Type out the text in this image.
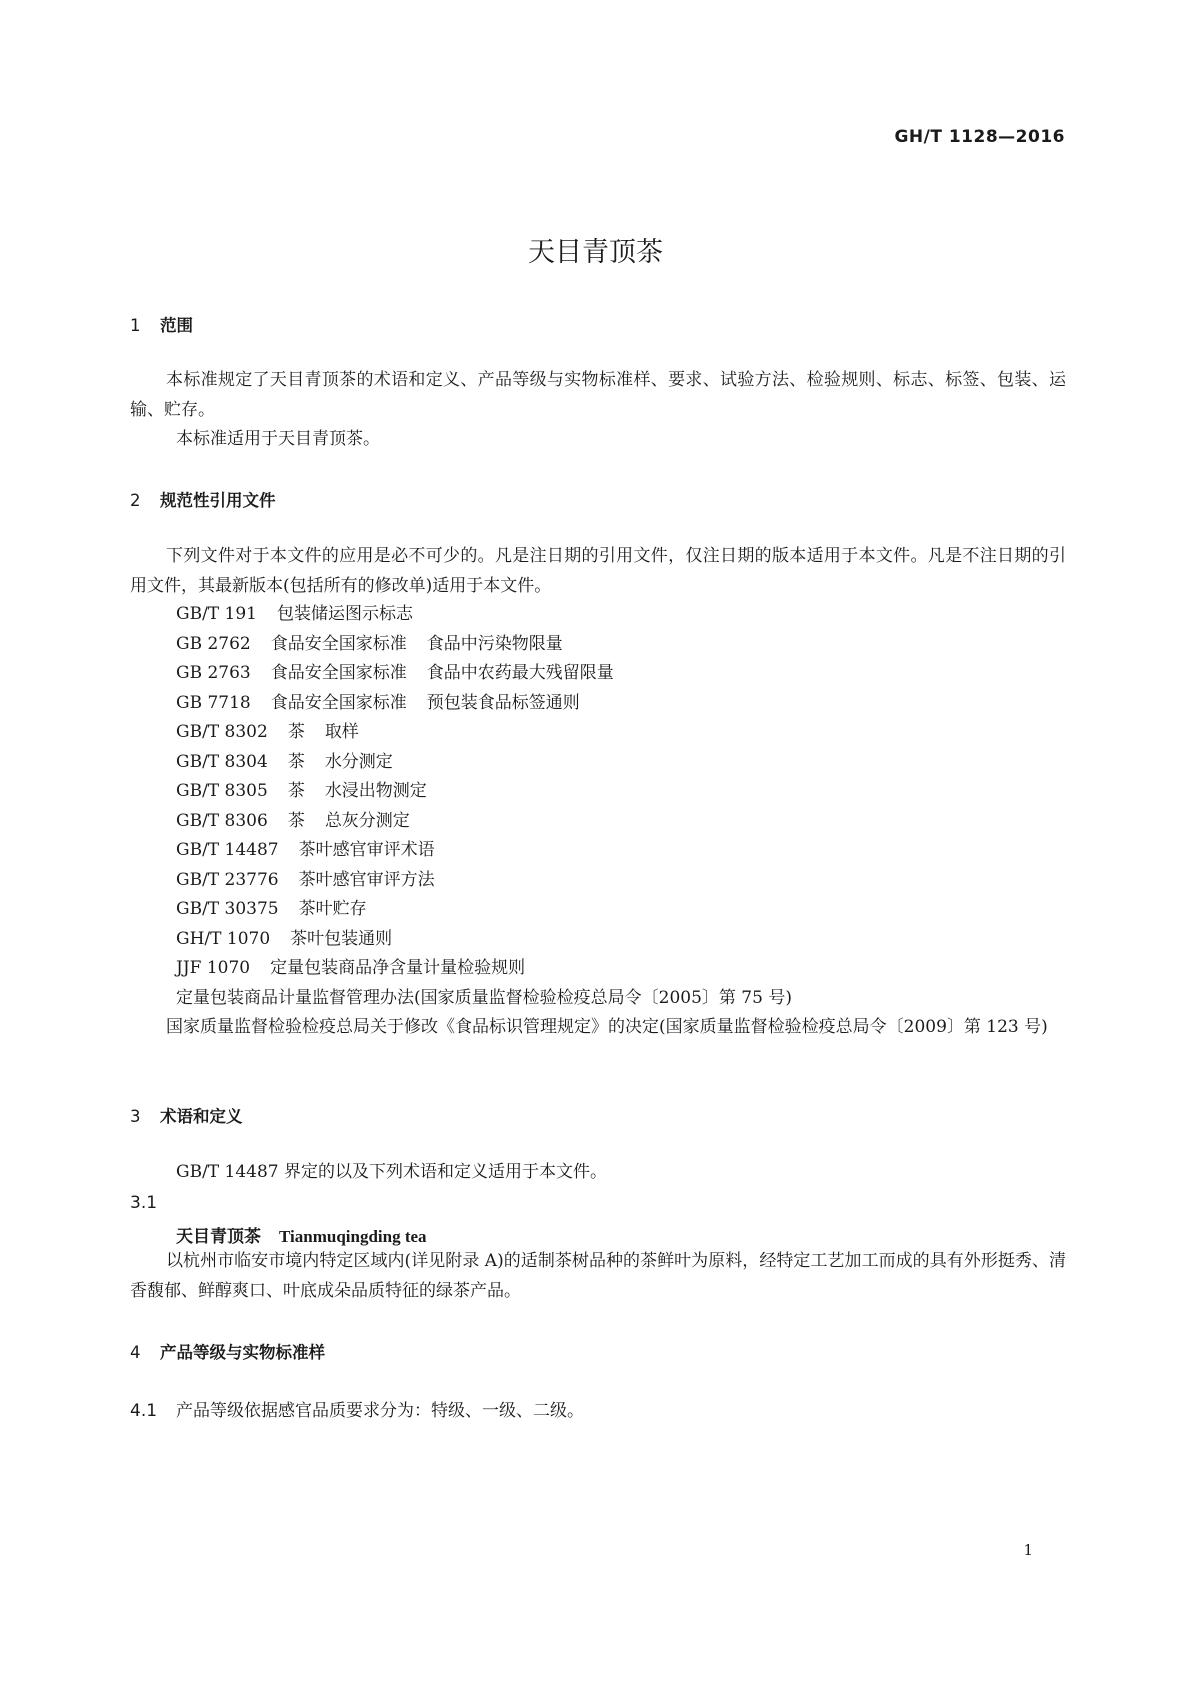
GH/T 1128—2016
天目青顶茶
1 范围
本标准规定了天目青顶茶的术语和定义、产品等级与实物标准样、要求、试验方法、检验规则、标志、标签、包装、运输、贮存。
本标准适用于天目青顶茶。
2 规范性引用文件
下列文件对于本文件的应用是必不可少的。凡是注日期的引用文件，仅注日期的版本适用于本文件。凡是不注日期的引用文件，其最新版本(包括所有的修改单)适用于本文件。
GB/T 191 包装储运图示标志
GB 2762 食品安全国家标准 食品中污染物限量
GB 2763 食品安全国家标准 食品中农药最大残留限量
GB 7718 食品安全国家标准 预包装食品标签通则
GB/T 8302 茶 取样
GB/T 8304 茶 水分测定
GB/T 8305 茶 水浸出物测定
GB/T 8306 茶 总灰分测定
GB/T 14487 茶叶感官审评术语
GB/T 23776 茶叶感官审评方法
GB/T 30375 茶叶贮存
GH/T 1070 茶叶包装通则
JJF 1070 定量包装商品净含量计量检验规则
定量包装商品计量监督管理办法(国家质量监督检验检疫总局令〔2005〕第 75 号)
国家质量监督检验检疫总局关于修改《食品标识管理规定》的决定(国家质量监督检验检疫总局令〔2009〕第 123 号)
3 术语和定义
GB/T 14487 界定的以及下列术语和定义适用于本文件。
3.1
天目青顶茶 Tianmuqingding tea
以杭州市临安市境内特定区域内(详见附录 A)的适制茶树品种的茶鲜叶为原料，经特定工艺加工而成的具有外形挺秀、清香馥郁、鲜醇爽口、叶底成朵品质特征的绿茶产品。
4 产品等级与实物标准样
4.1 产品等级依据感官品质要求分为：特级、一级、二级。
1
